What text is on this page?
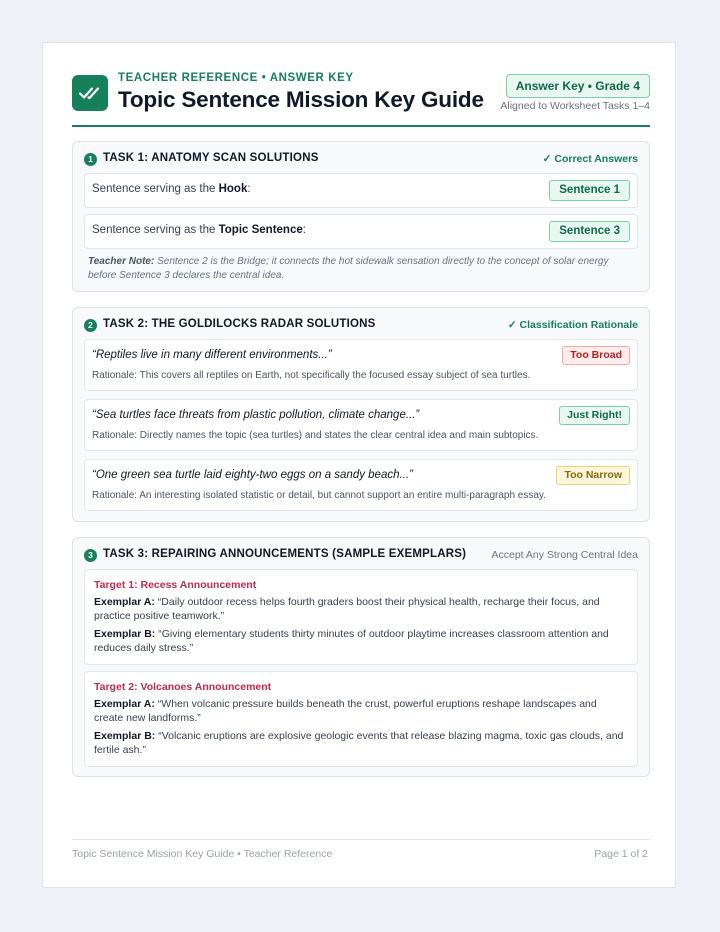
TEACHER REFERENCE • ANSWER KEY
Topic Sentence Mission Key Guide
Answer Key • Grade 4
Aligned to Worksheet Tasks 1–4
1 TASK 1: ANATOMY SCAN SOLUTIONS	✓ Correct Answers
Sentence serving as the Hook:	Sentence 1
Sentence serving as the Topic Sentence:	Sentence 3
Teacher Note: Sentence 2 is the Bridge; it connects the hot sidewalk sensation directly to the concept of solar energy before Sentence 3 declares the central idea.
2 TASK 2: THE GOLDILOCKS RADAR SOLUTIONS	✓ Classification Rationale
“Reptiles live in many different environments...”	Too Broad
Rationale: This covers all reptiles on Earth, not specifically the focused essay subject of sea turtles.
“Sea turtles face threats from plastic pollution, climate change...”	Just Right!
Rationale: Directly names the topic (sea turtles) and states the clear central idea and main subtopics.
“One green sea turtle laid eighty-two eggs on a sandy beach...”	Too Narrow
Rationale: An interesting isolated statistic or detail, but cannot support an entire multi-paragraph essay.
3 TASK 3: REPAIRING ANNOUNCEMENTS (SAMPLE EXEMPLARS) Accept Any Strong Central Idea
Target 1: Recess Announcement
Exemplar A: “Daily outdoor recess helps fourth graders boost their physical health, recharge their focus, and practice positive teamwork.”
Exemplar B: “Giving elementary students thirty minutes of outdoor playtime increases classroom attention and reduces daily stress.”
Target 2: Volcanoes Announcement
Exemplar A: “When volcanic pressure builds beneath the crust, powerful eruptions reshape landscapes and create new landforms.”
Exemplar B: “Volcanic eruptions are explosive geologic events that release blazing magma, toxic gas clouds, and fertile ash.”
Topic Sentence Mission Key Guide • Teacher Reference	Page 1 of 2
